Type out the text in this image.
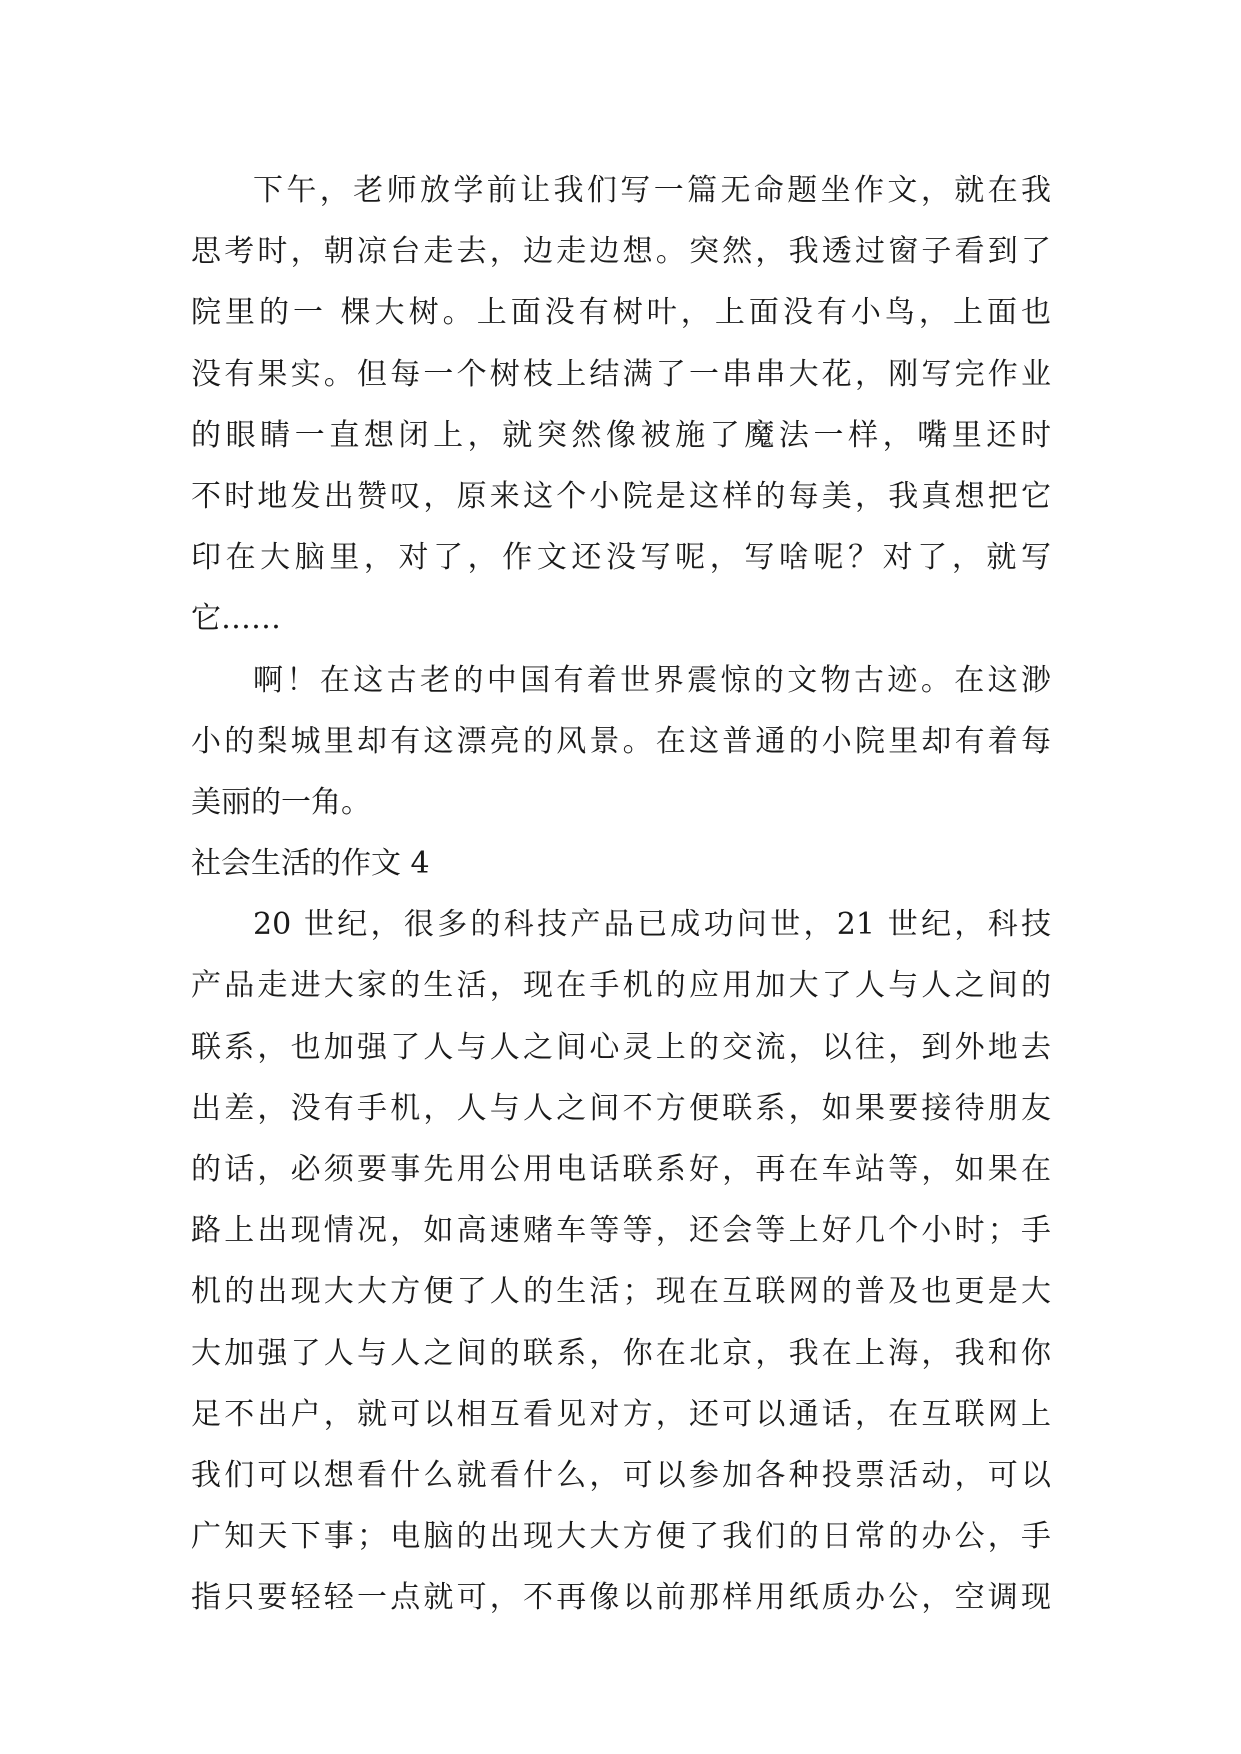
下午，老师放学前让我们写一篇无命题坐作文，就在我
思考时，朝凉台走去，边走边想。突然，我透过窗子看到了
院里的一 棵大树。上面没有树叶，上面没有小鸟，上面也
没有果实。但每一个树枝上结满了一串串大花，刚写完作业
的眼睛一直想闭上，就突然像被施了魔法一样，嘴里还时
不时地发出赞叹，原来这个小院是这样的每美，我真想把它
印在大脑里，对了，作文还没写呢，写啥呢？对了，就写
它……
啊！在这古老的中国有着世界震惊的文物古迹。在这渺
小的梨城里却有这漂亮的风景。在这普通的小院里却有着每
美丽的一角。
社会生活的作文 4
20 世纪，很多的科技产品已成功问世，21 世纪，科技
产品走进大家的生活，现在手机的应用加大了人与人之间的
联系，也加强了人与人之间心灵上的交流，以往，到外地去
出差，没有手机，人与人之间不方便联系，如果要接待朋友
的话，必须要事先用公用电话联系好，再在车站等，如果在
路上出现情况，如高速赌车等等，还会等上好几个小时；手
机的出现大大方便了人的生活；现在互联网的普及也更是大
大加强了人与人之间的联系，你在北京，我在上海，我和你
足不出户，就可以相互看见对方，还可以通话，在互联网上
我们可以想看什么就看什么，可以参加各种投票活动，可以
广知天下事；电脑的出现大大方便了我们的日常的办公，手
指只要轻轻一点就可，不再像以前那样用纸质办公，空调现
